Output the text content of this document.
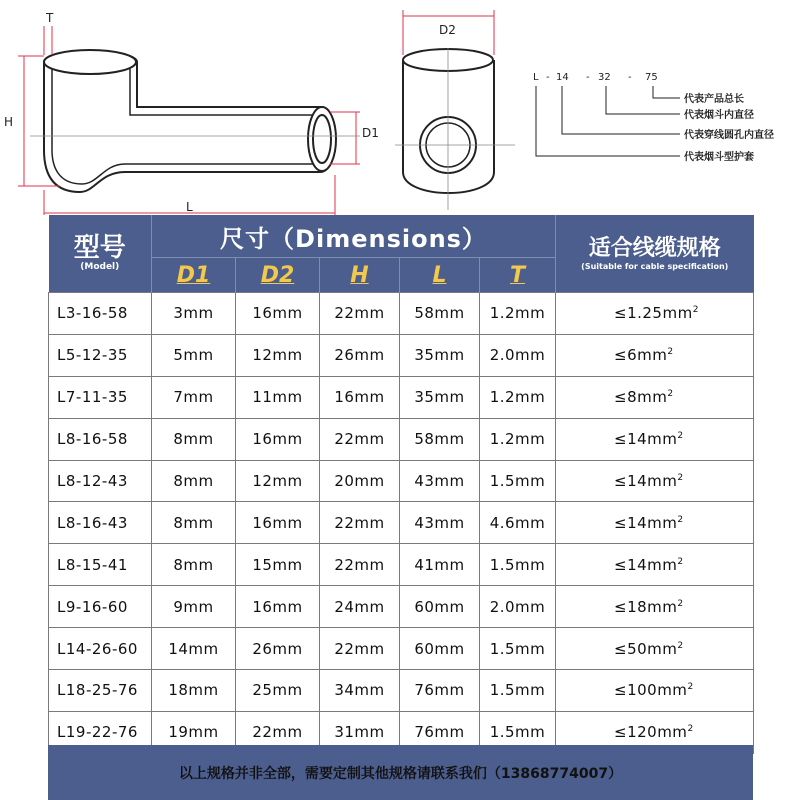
T
H
D1
L
D2
L - 14 - 32 - 75
代表产品总长
代表烟斗内直径
代表穿线圆孔内直径
代表烟斗型护套
型号
(Model)	尺寸（Dimensions）					适合线缆规格
(Suitable for cable specification)

	D1	D2	H	L	T	
L3-16-58	3mm	16mm	22mm	58mm	1.2mm	$\le 1.25mm^2$
L5-12-35	5mm	12mm	26mm	35mm	2.0mm	$\le 6mm^2$
L7-11-35	7mm	11mm	16mm	35mm	1.2mm	$\le 8mm^2$
L8-16-58	8mm	16mm	22mm	58mm	1.2mm	$\le 14mm^2$
L8-12-43	8mm	12mm	20mm	43mm	1.5mm	$\le 14mm^2$
L8-16-43	8mm	16mm	22mm	43mm	4.6mm	$\le 14mm^2$
L8-15-41	8mm	15mm	22mm	41mm	1.5mm	$\le 14mm^2$
L9-16-60	9mm	16mm	24mm	60mm	2.0mm	$\le 18mm^2$
L14-26-60	14mm	26mm	22mm	60mm	1.5mm	$\le 50mm^2$
L18-25-76	18mm	25mm	34mm	76mm	1.5mm	$\le 100mm^2$
L19-22-76	19mm	22mm	31mm	76mm	1.5mm	$\le 120mm^2$
以上规格并非全部，需要定制其他规格请联系我们（13868774007）
